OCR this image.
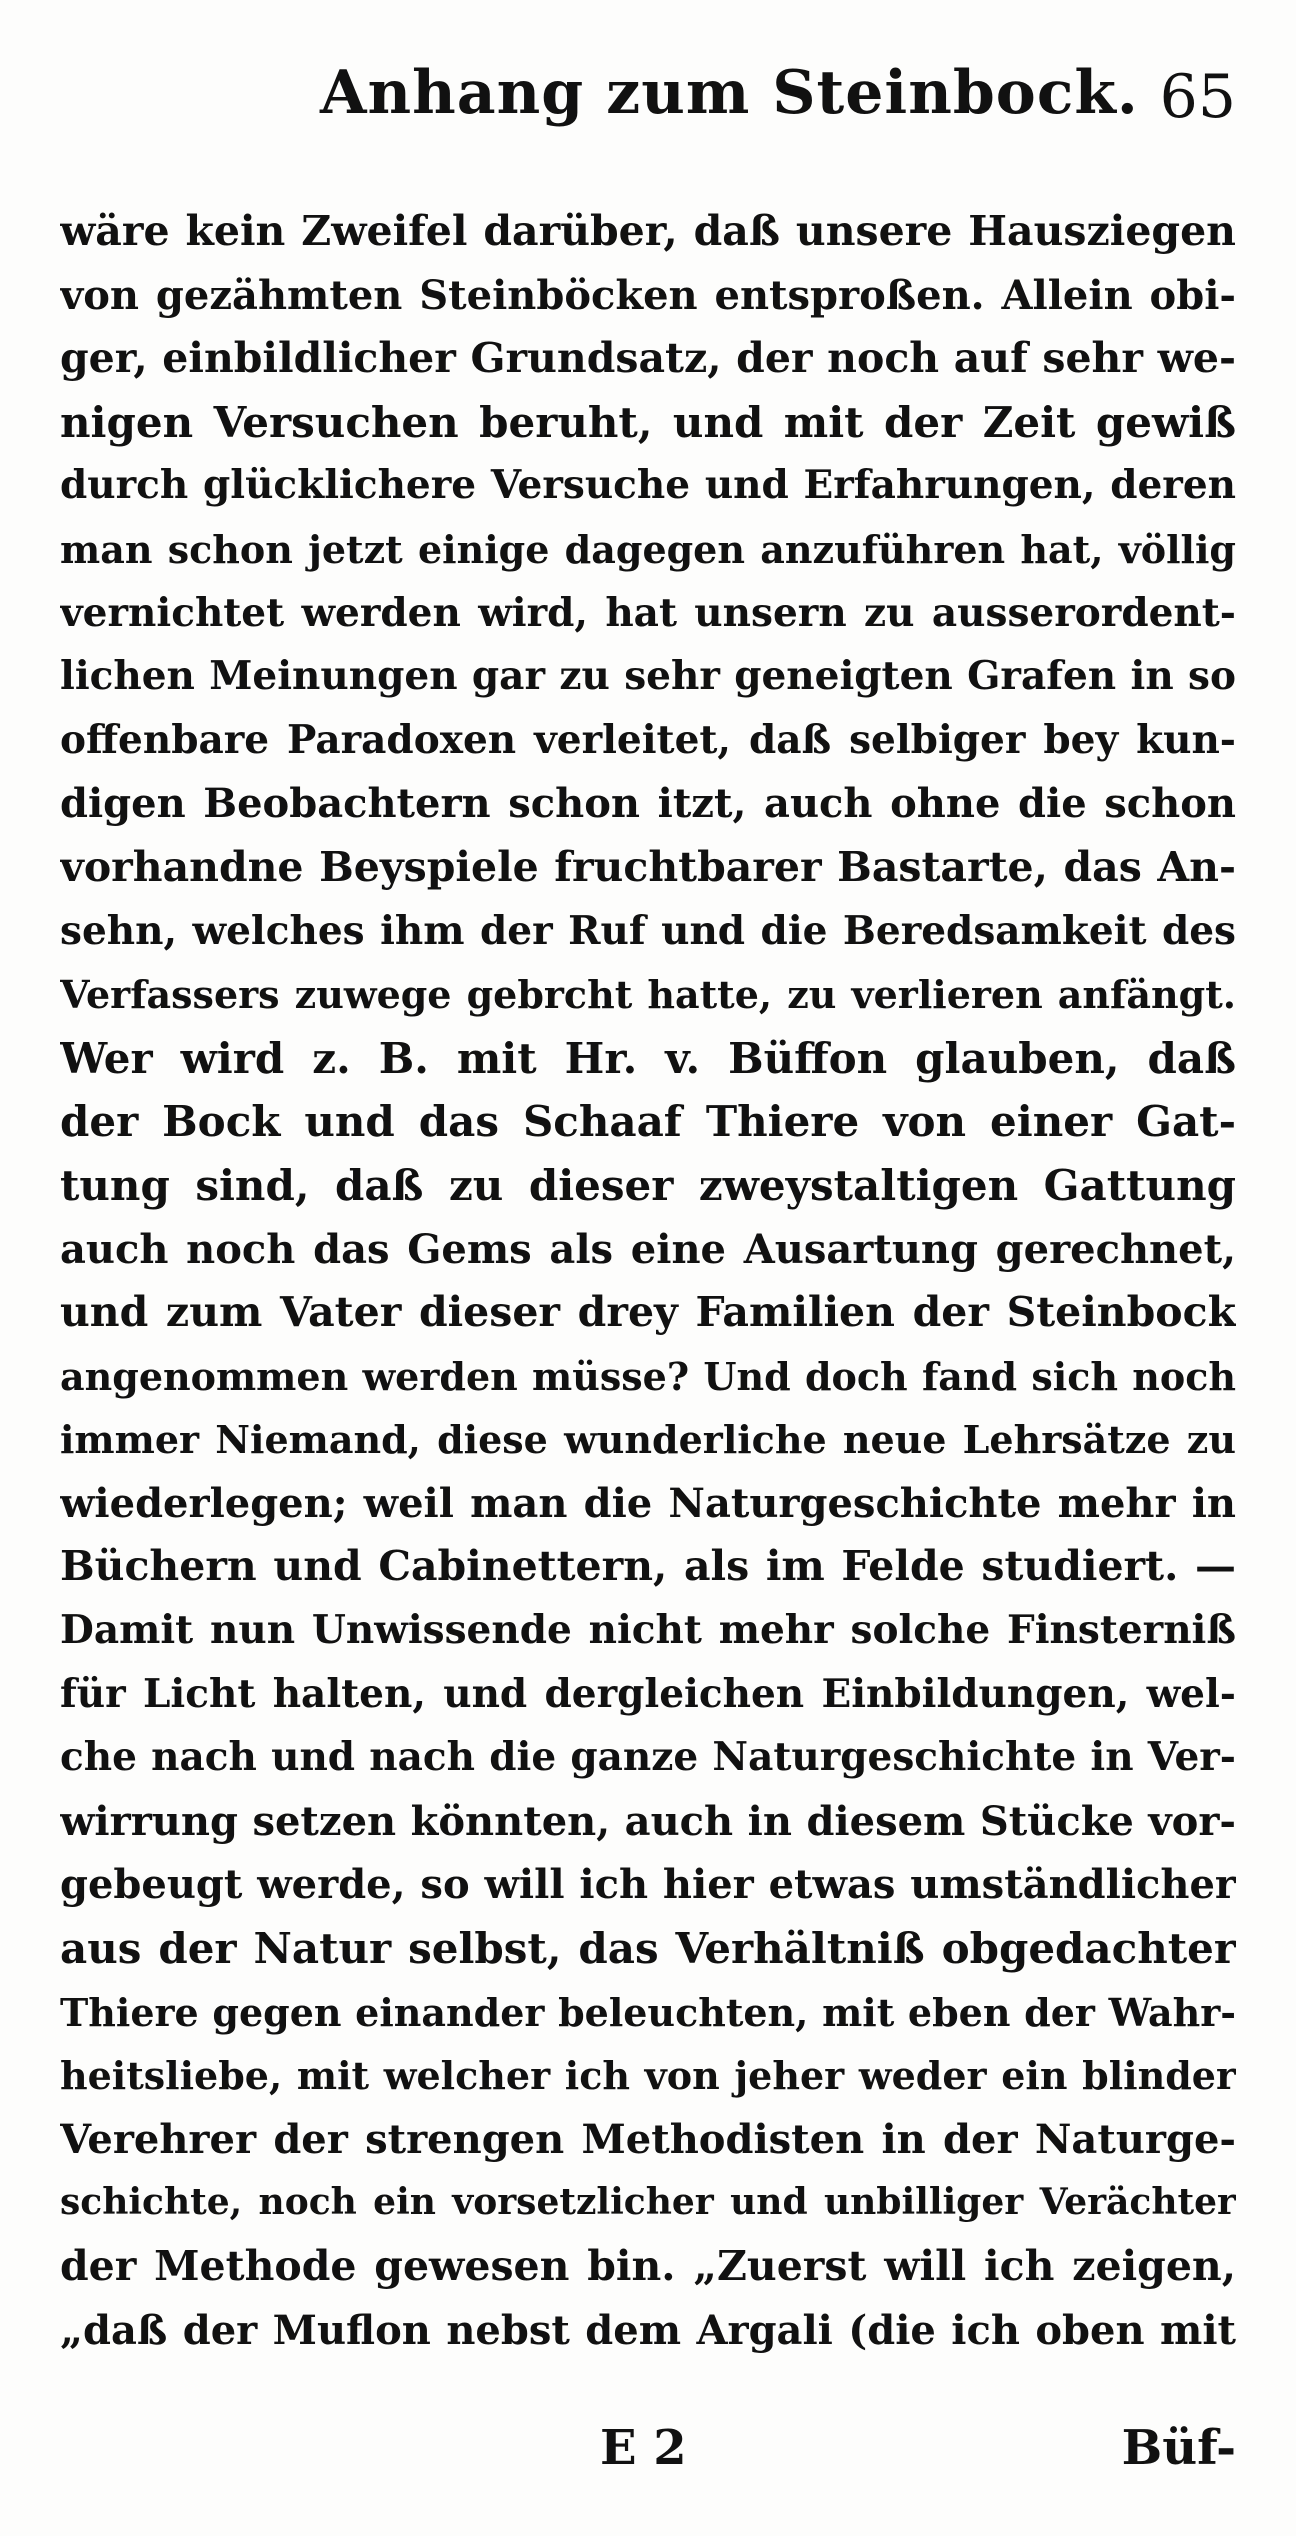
Anhang zum Steinbock. 65
wäre kein Zweifel darüber, daß unsere Hausziegen
von gezähmten Steinböcken entsproßen. Allein obi-
ger, einbildlicher Grundsatz, der noch auf sehr we-
nigen Versuchen beruht, und mit der Zeit gewiß
durch glücklichere Versuche und Erfahrungen, deren
man schon jetzt einige dagegen anzuführen hat, völlig
vernichtet werden wird, hat unsern zu ausserordent-
lichen Meinungen gar zu sehr geneigten Grafen in so
offenbare Paradoxen verleitet, daß selbiger bey kun-
digen Beobachtern schon itzt, auch ohne die schon
vorhandne Beyspiele fruchtbarer Bastarte, das An-
sehn, welches ihm der Ruf und die Beredsamkeit des
Verfassers zuwege gebrcht hatte, zu verlieren anfängt.
Wer wird z. B. mit Hr. v. Büffon glauben, daß
der Bock und das Schaaf Thiere von einer Gat-
tung sind, daß zu dieser zweystaltigen Gattung
auch noch das Gems als eine Ausartung gerechnet,
und zum Vater dieser drey Familien der Steinbock
angenommen werden müsse? Und doch fand sich noch
immer Niemand, diese wunderliche neue Lehrsätze zu
wiederlegen; weil man die Naturgeschichte mehr in
Büchern und Cabinettern, als im Felde studiert. —
Damit nun Unwissende nicht mehr solche Finsterniß
für Licht halten, und dergleichen Einbildungen, wel-
che nach und nach die ganze Naturgeschichte in Ver-
wirrung setzen könnten, auch in diesem Stücke vor-
gebeugt werde, so will ich hier etwas umständlicher
aus der Natur selbst, das Verhältniß obgedachter
Thiere gegen einander beleuchten, mit eben der Wahr-
heitsliebe, mit welcher ich von jeher weder ein blinder
Verehrer der strengen Methodisten in der Naturge-
schichte, noch ein vorsetzlicher und unbilliger Verächter
der Methode gewesen bin. „Zuerst will ich zeigen,
„daß der Muflon nebst dem Argali (die ich oben mit
E 2	Büf-
